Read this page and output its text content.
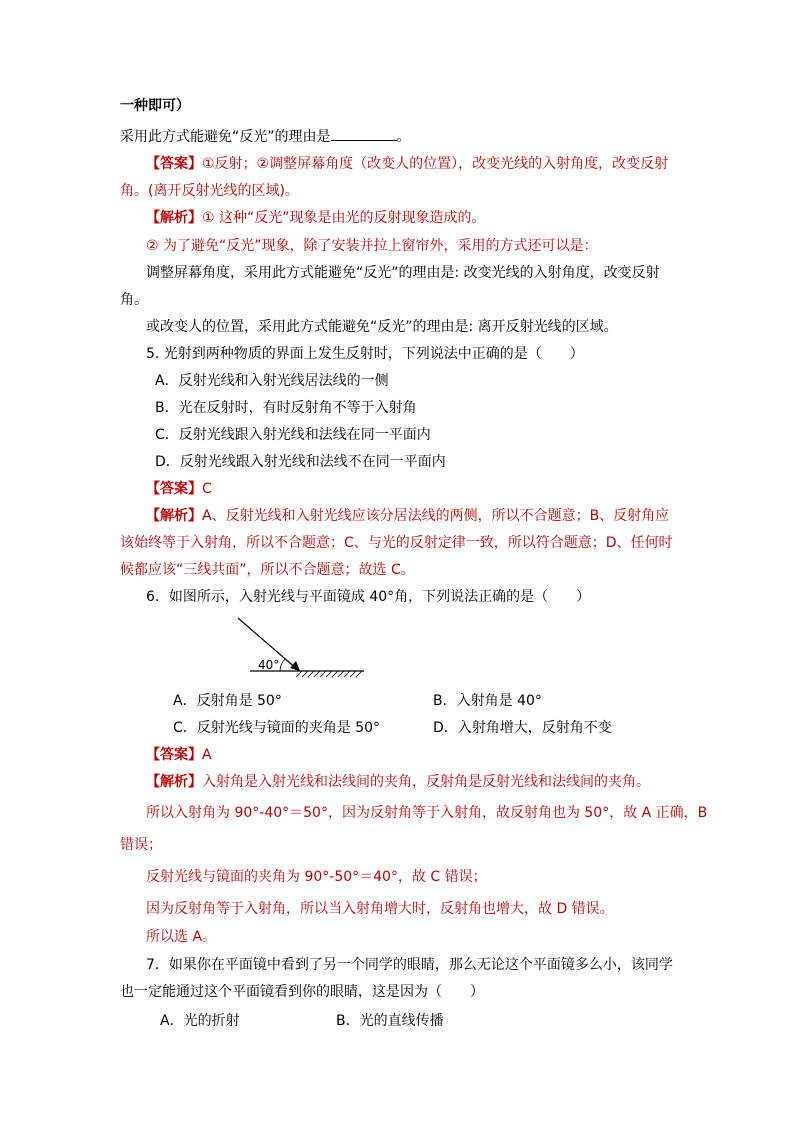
一种即可）
采用此方式能避免“反光”的理由是	。
【答案】①反射；②调整屏幕角度（改变人的位置），改变光线的入射角度，改变反射
角。(离开反射光线的区域)。
【解析】① 这种“反光”现象是由光的反射现象造成的。
② 为了避免“反光”现象，除了安装并拉上窗帘外，采用的方式还可以是：
调整屏幕角度，采用此方式能避免“反光”的理由是: 改变光线的入射角度，改变反射
角。
或改变人的位置，采用此方式能避免“反光”的理由是: 离开反射光线的区域。
5. 光射到两种物质的界面上发生反射时，下列说法中正确的是（　　）
A．反射光线和入射光线居法线的一侧
B．光在反射时，有时反射角不等于入射角
C．反射光线跟入射光线和法线在同一平面内
D．反射光线跟入射光线和法线不在同一平面内
【答案】C
【解析】A、反射光线和入射光线应该分居法线的两侧，所以不合题意；B、反射角应
该始终等于入射角，所以不合题意；C、与光的反射定律一致，所以符合题意；D、任何时
候都应该“三线共面”，所以不合题意；故选 C。
6．如图所示，入射光线与平面镜成 40°角，下列说法正确的是（　　）
40°
A．反射角是 50°	B．入射角是 40°
C．反射光线与镜面的夹角是 50°	D．入射角增大，反射角不变
【答案】A
【解析】入射角是入射光线和法线间的夹角，反射角是反射光线和法线间的夹角。
所以入射角为 90°-40°＝50°，因为反射角等于入射角，故反射角也为 50°，故 A 正确，B
错误；
反射光线与镜面的夹角为 90°-50°＝40°，故 C 错误；
因为反射角等于入射角，所以当入射角增大时，反射角也增大，故 D 错误。
所以选 A。
7．如果你在平面镜中看到了另一个同学的眼睛，那么无论这个平面镜多么小，该同学
也一定能通过这个平面镜看到你的眼睛，这是因为（　　）
A．光的折射	B．光的直线传播
